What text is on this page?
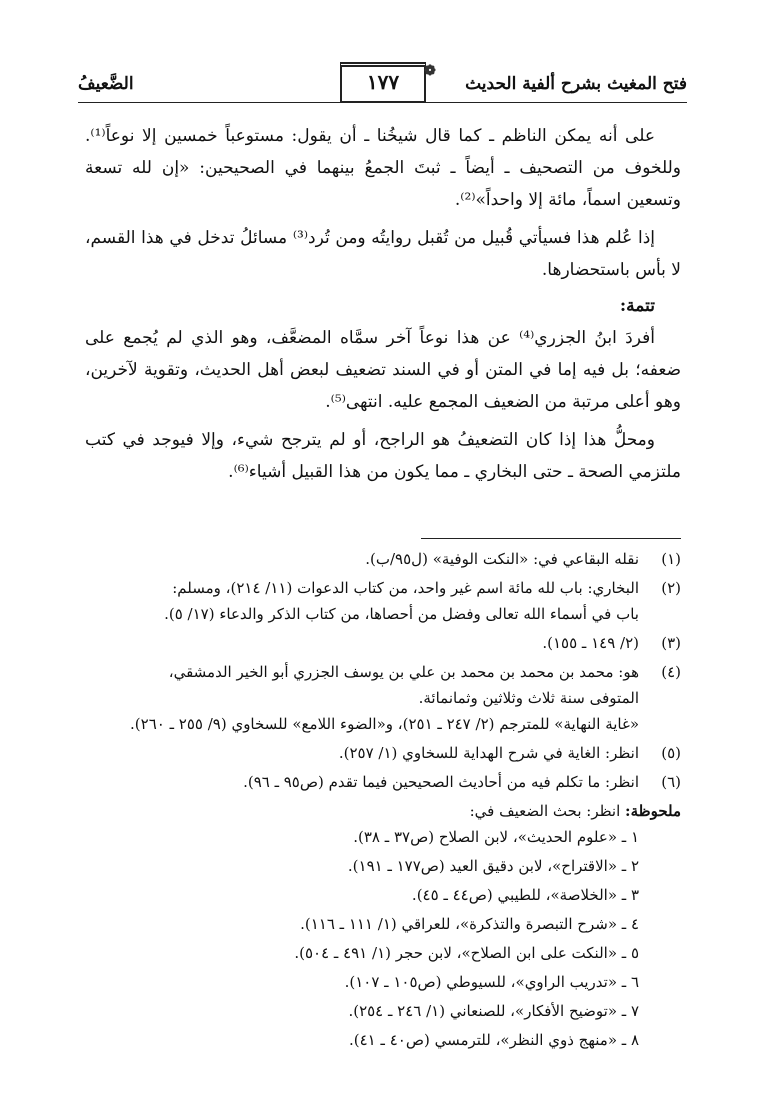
فتح المغيث بشرح ألفية الحديث
❁
١٧٧
الضَّعيفُ

على أنه يمكن الناظم ـ كما قال شيخُنا ـ أن يقول: مستوعباً خمسين إلا نوعاً⁽¹⁾. وللخوف من التصحيف ـ أيضاً ـ ثبتَ الجمعُ بينهما في الصحيحين: «إن لله تسعة وتسعين اسماً، مائة إلا واحداً»⁽²⁾.

إذا عُلم هذا فسيأتي قُبيل من تُقبل روايتُه ومن تُرد⁽³⁾ مسائلُ تدخل في هذا القسم، لا بأس باستحضارها.

تتمة:

أفردَ ابنُ الجزري⁽⁴⁾ عن هذا نوعاً آخر سمَّاه المضعَّف، وهو الذي لم يُجمع على ضعفه؛ بل فيه إما في المتن أو في السند تضعيف لبعض أهل الحديث، وتقوية لآخرين، وهو أعلى مرتبة من الضعيف المجمع عليه. انتهى⁽⁵⁾.

ومحلُّ هذا إذا كان التضعيفُ هو الراجح، أو لم يترجح شيء، وإلا فيوجد في كتب ملتزمي الصحة ـ حتى البخاري ـ مما يكون من هذا القبيل أشياء⁽⁶⁾.

(١)
نقله البقاعي في: «النكت الوفية» (ل٩٥/ب).
(٢)
البخاري: باب لله مائة اسم غير واحد، من كتاب الدعوات (١١/ ٢١٤)، ومسلم:
باب في أسماء الله تعالى وفضل من أحصاها، من كتاب الذكر والدعاء (١٧/ ٥).
(٣)
(٢/ ١٤٩ ـ ١٥٥).
(٤)
هو: محمد بن محمد بن محمد بن علي بن يوسف الجزري أبو الخير الدمشقي،
المتوفى سنة ثلاث وثلاثين وثمانمائة.
«غاية النهاية» للمترجم (٢/ ٢٤٧ ـ ٢٥١)، و«الضوء اللامع» للسخاوي (٩/ ٢٥٥ ـ ٢٦٠).
(٥)
انظر: الغاية في شرح الهداية للسخاوي (١/ ٢٥٧).
(٦)
انظر: ما تكلم فيه من أحاديث الصحيحين فيما تقدم (ص٩٥ ـ ٩٦).
ملحوظة: انظر: بحث الضعيف في:
١ ـ «علوم الحديث»، لابن الصلاح (ص٣٧ ـ ٣٨).
٢ ـ «الاقتراح»، لابن دقيق العيد (ص١٧٧ ـ ١٩١).
٣ ـ «الخلاصة»، للطيبي (ص٤٤ ـ ٤٥).
٤ ـ «شرح التبصرة والتذكرة»، للعراقي (١/ ١١١ ـ ١١٦).
٥ ـ «النكت على ابن الصلاح»، لابن حجر (١/ ٤٩١ ـ ٥٠٤).
٦ ـ «تدريب الراوي»، للسيوطي (ص١٠٥ ـ ١٠٧).
٧ ـ «توضيح الأفكار»، للصنعاني (١/ ٢٤٦ ـ ٢٥٤).
٨ ـ «منهج ذوي النظر»، للترمسي (ص٤٠ ـ ٤١).
